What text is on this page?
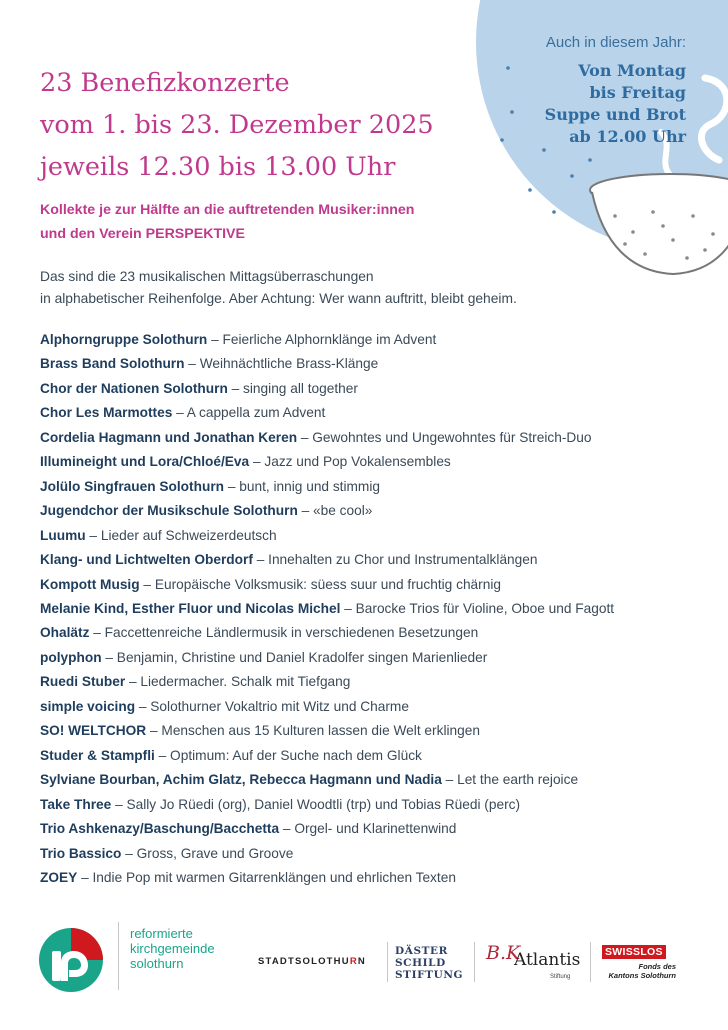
Auch in diesem Jahr:
Von Montag
bis Freitag
Suppe und Brot
ab 12.00 Uhr
23 Benefizkonzerte
vom 1. bis 23. Dezember 2025
jeweils 12.30 bis 13.00 Uhr
Kollekte je zur Hälfte an die auftretenden Musiker:innen
und den Verein PERSPEKTIVE
Das sind die 23 musikalischen Mittagsüberraschungen
in alphabetischer Reihenfolge. Aber Achtung: Wer wann auftritt, bleibt geheim.
Alphorngruppe Solothurn – Feierliche Alphornklänge im Advent
Brass Band Solothurn – Weihnächtliche Brass-Klänge
Chor der Nationen Solothurn – singing all together
Chor Les Marmottes – A cappella zum Advent
Cordelia Hagmann und Jonathan Keren – Gewohntes und Ungewohntes für Streich-Duo
Illumineight und Lora/Chloé/Eva – Jazz und Pop Vokalensembles
Jolülo Singfrauen Solothurn – bunt, innig und stimmig
Jugendchor der Musikschule Solothurn – «be cool»
Luumu – Lieder auf Schweizerdeutsch
Klang- und Lichtwelten Oberdorf – Innehalten zu Chor und Instrumentalklängen
Kompott Musig – Europäische Volksmusik: süess suur und fruchtig chärnig
Melanie Kind, Esther Fluor und Nicolas Michel – Barocke Trios für Violine, Oboe und Fagott
Ohalätz – Faccettenreiche Ländlermusik in verschiedenen Besetzungen
polyphon – Benjamin, Christine und Daniel Kradolfer singen Marienlieder
Ruedi Stuber – Liedermacher. Schalk mit Tiefgang
simple voicing – Solothurner Vokaltrio mit Witz und Charme
SO! WELTCHOR – Menschen aus 15 Kulturen lassen die Welt erklingen
Studer & Stampfli – Optimum: Auf der Suche nach dem Glück
Sylviane Bourban, Achim Glatz, Rebecca Hagmann und Nadia – Let the earth rejoice
Take Three – Sally Jo Rüedi (org), Daniel Woodtli (trp) und Tobias Rüedi (perc)
Trio Ashkenazy/Baschung/Bacchetta – Orgel- und Klarinettenwind
Trio Bassico – Gross, Grave und Groove
ZOEY – Indie Pop mit warmen Gitarrenklängen und ehrlichen Texten
reformierte
kirchgemeinde
solothurn	STADTSOLOTHURN
DÄSTER
SCHILD
STIFTUNG
B.K
Atlantis
Stiftung
SWISSLOS
Fonds des
Kantons Solothurn
